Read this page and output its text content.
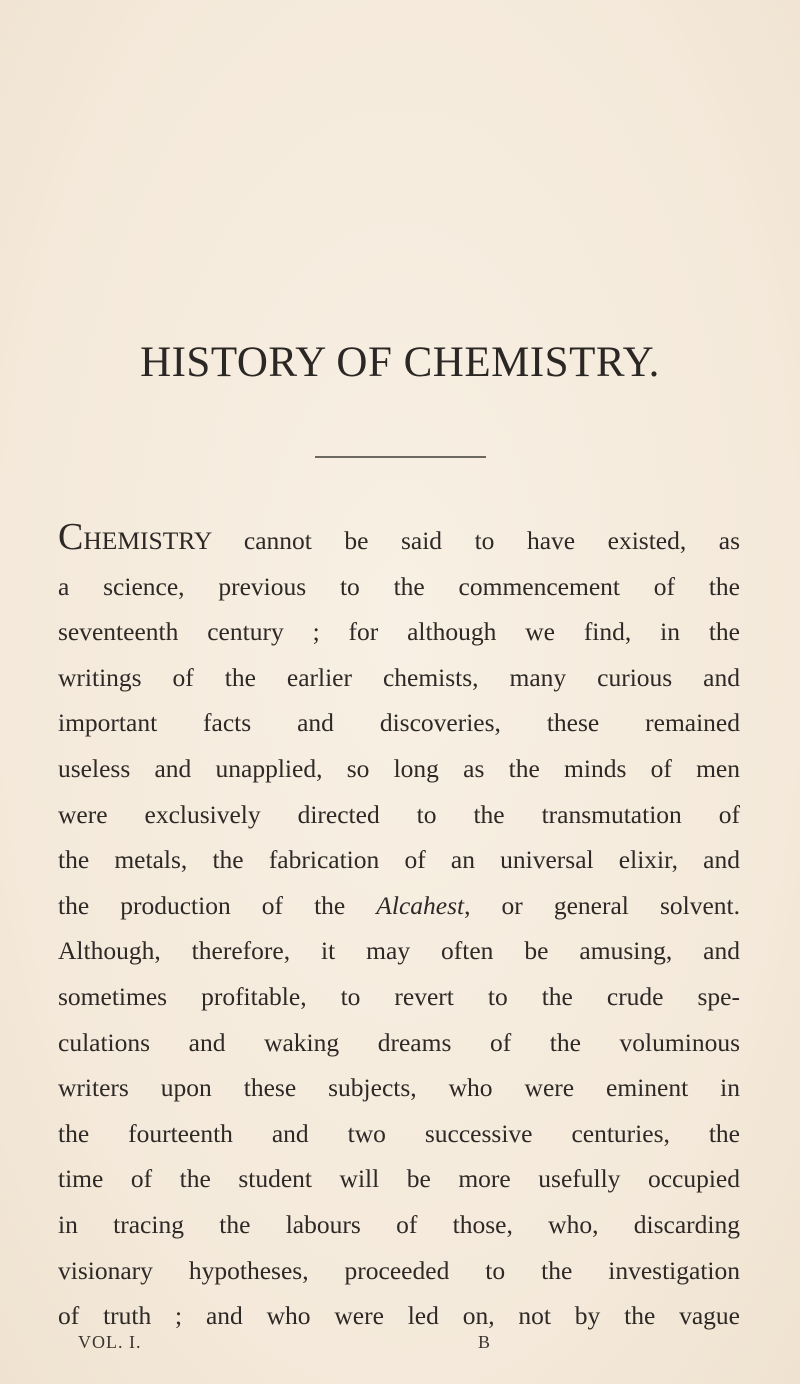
HISTORY OF CHEMISTRY.
CHEMISTRY cannot be said to have existed, as
a science, previous to the commencement of the
seventeenth century ; for although we find, in the
writings of the earlier chemists, many curious and
important facts and discoveries, these remained
useless and unapplied, so long as the minds of men
were exclusively directed to the transmutation of
the metals, the fabrication of an universal elixir, and
the production of the Alcahest, or general solvent.
Although, therefore, it may often be amusing, and
sometimes profitable, to revert to the crude spe-
culations and waking dreams of the voluminous
writers upon these subjects, who were eminent in
the fourteenth and two successive centuries, the
time of the student will be more usefully occupied
in tracing the labours of those, who, discarding
visionary hypotheses, proceeded to the investigation
of truth ; and who were led on, not by the vague
VOL. I.	B
